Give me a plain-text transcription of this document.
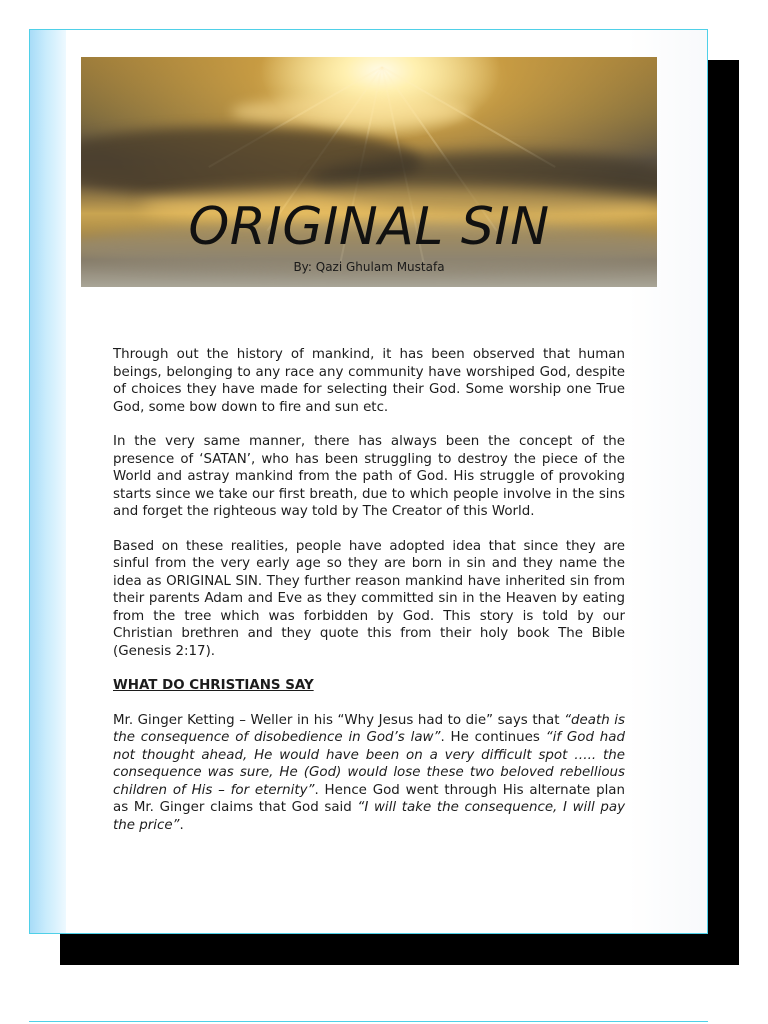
ORIGINAL SIN
By: Qazi Ghulam Mustafa

Through out the history of mankind, it has been observed that human beings, belonging to any race any community have worshiped God, despite of choices they have made for selecting their God. Some worship one True God, some bow down to fire and sun etc.

In the very same manner, there has always been the concept of the presence of ‘SATAN’, who has been struggling to destroy the piece of the World and astray mankind from the path of God. His struggle of provoking starts since we take our first breath, due to which people involve in the sins and forget the righteous way told by The Creator of this World.

Based on these realities, people have adopted idea that since they are sinful from the very early age so they are born in sin and they name the idea as ORIGINAL SIN. They further reason mankind have inherited sin from their parents Adam and Eve as they committed sin in the Heaven by eating from the tree which was forbidden by God. This story is told by our Christian brethren and they quote this from their holy book The Bible (Genesis 2:17).

WHAT DO CHRISTIANS SAY

Mr. Ginger Ketting – Weller in his “Why Jesus had to die” says that “death is the consequence of disobedience in God’s law”. He continues “if God had not thought ahead, He would have been on a very difficult spot ….. the consequence was sure, He (God) would lose these two beloved rebellious children of His – for eternity”. Hence God went through His alternate plan as Mr. Ginger claims that God said “I will take the consequence, I will pay the price”.
